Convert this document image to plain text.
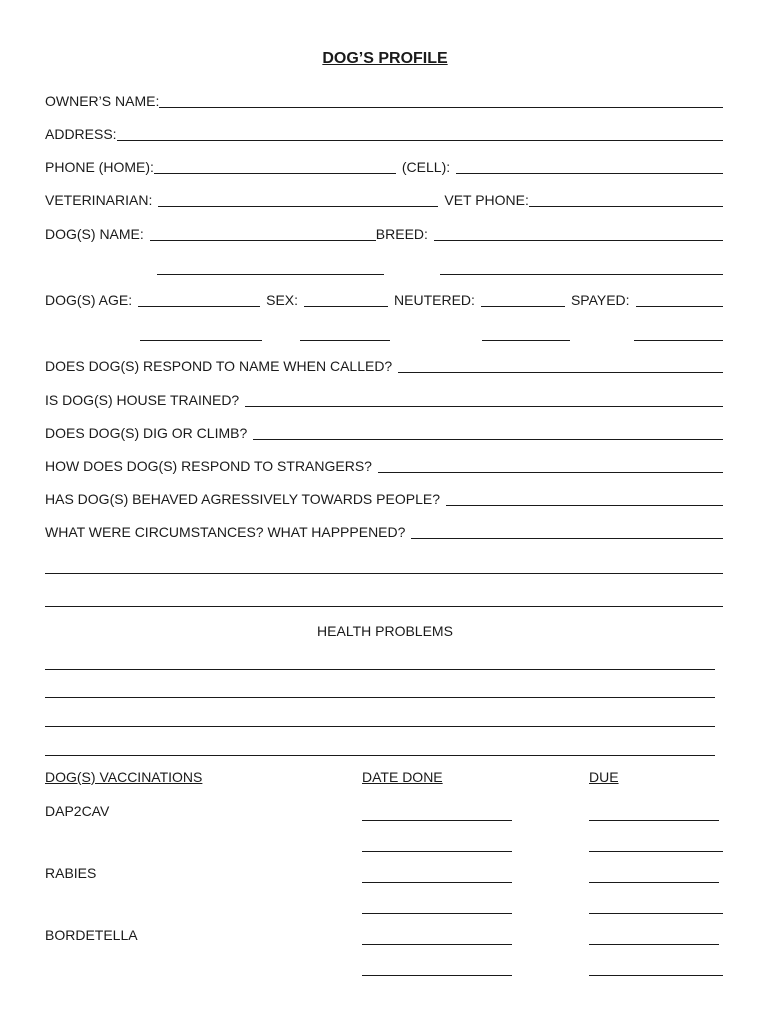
DOG’S PROFILE
OWNER’S NAME:
ADDRESS:
PHONE (HOME):	(CELL):
VETERINARIAN:	VET PHONE:
DOG(S) NAME:	BREED:
DOG(S) AGE:	SEX:	NEUTERED:	SPAYED:
DOES DOG(S) RESPOND TO NAME WHEN CALLED?
IS DOG(S) HOUSE TRAINED?
DOES DOG(S) DIG OR CLIMB?
HOW DOES DOG(S) RESPOND TO STRANGERS?
HAS DOG(S) BEHAVED AGRESSIVELY TOWARDS PEOPLE?
WHAT WERE CIRCUMSTANCES? WHAT HAPPPENED?
HEALTH PROBLEMS
DOG(S) VACCINATIONS	DATE DONE	DUE
DAP2CAV
RABIES
BORDETELLA
